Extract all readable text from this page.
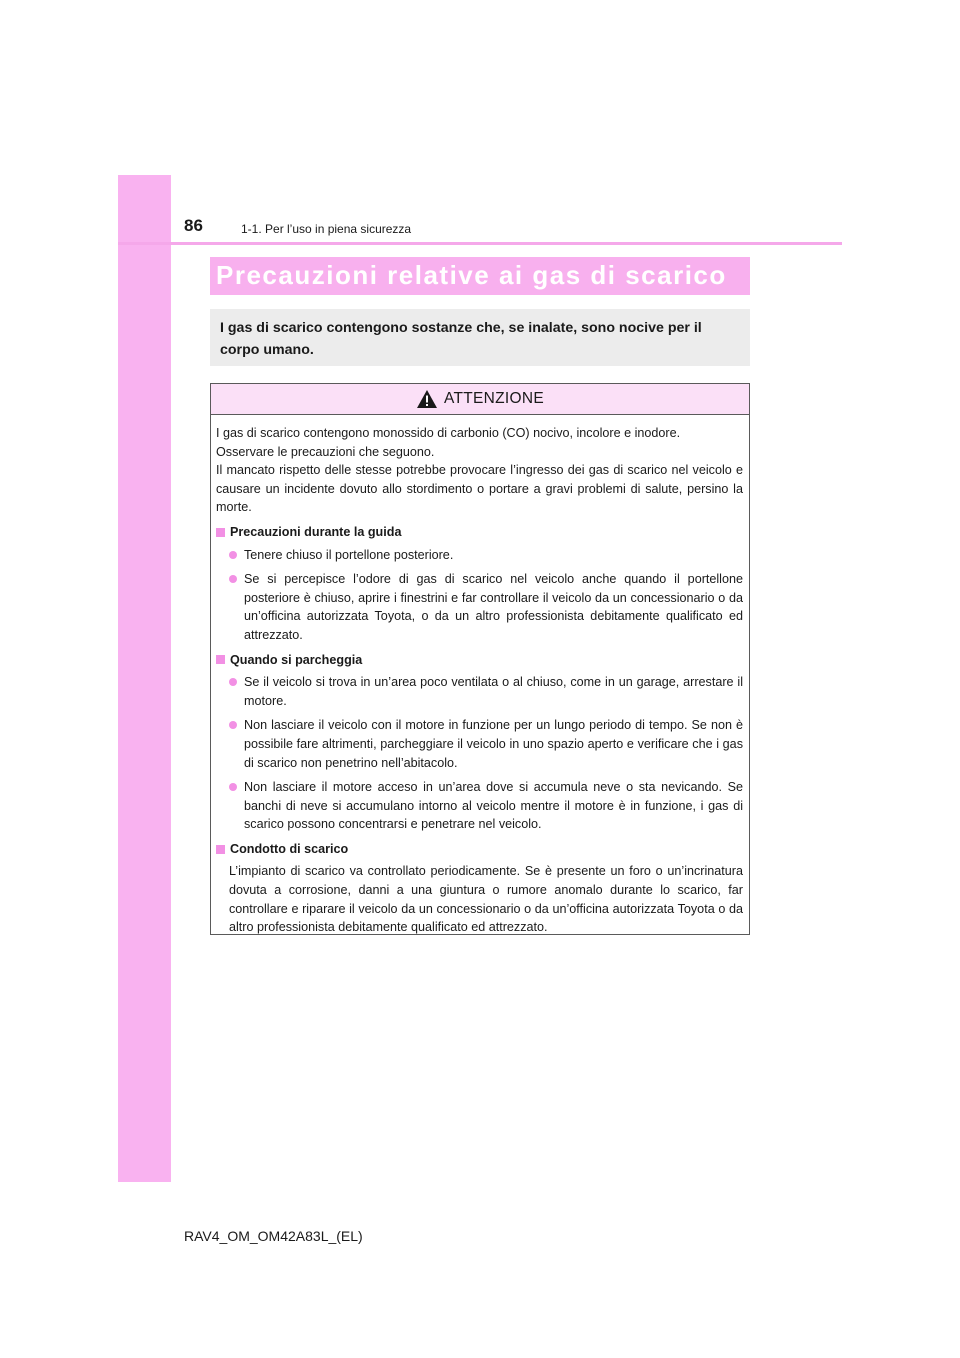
86	1-1. Per l’uso in piena sicurezza
Precauzioni relative ai gas di scarico
I gas di scarico contengono sostanze che, se inalate, sono nocive per il corpo umano.
ATTENZIONE
I gas di scarico contengono monossido di carbonio (CO) nocivo, incolore e inodore.
Osservare le precauzioni che seguono.
Il mancato rispetto delle stesse potrebbe provocare l’ingresso dei gas di scarico nel veicolo e causare un incidente dovuto allo stordimento o portare a gravi problemi di salute, persino la morte.
Precauzioni durante la guida
Tenere chiuso il portellone posteriore.
Se si percepisce l’odore di gas di scarico nel veicolo anche quando il portellone posteriore è chiuso, aprire i finestrini e far controllare il veicolo da un concessionario o da un’officina autorizzata Toyota, o da un altro professionista debitamente qualificato ed attrezzato.
Quando si parcheggia
Se il veicolo si trova in un’area poco ventilata o al chiuso, come in un garage, arrestare il motore.
Non lasciare il veicolo con il motore in funzione per un lungo periodo di tempo. Se non è possibile fare altrimenti, parcheggiare il veicolo in uno spazio aperto e verificare che i gas di scarico non penetrino nell’abitacolo.
Non lasciare il motore acceso in un’area dove si accumula neve o sta nevicando. Se banchi di neve si accumulano intorno al veicolo mentre il motore è in funzione, i gas di scarico possono concentrarsi e penetrare nel veicolo.
Condotto di scarico
L’impianto di scarico va controllato periodicamente. Se è presente un foro o un’incrinatura dovuta a corrosione, danni a una giuntura o rumore anomalo durante lo scarico, far controllare e riparare il veicolo da un concessionario o da un’officina autorizzata Toyota o da altro professionista debitamente qualificato ed attrezzato.
RAV4_OM_OM42A83L_(EL)
